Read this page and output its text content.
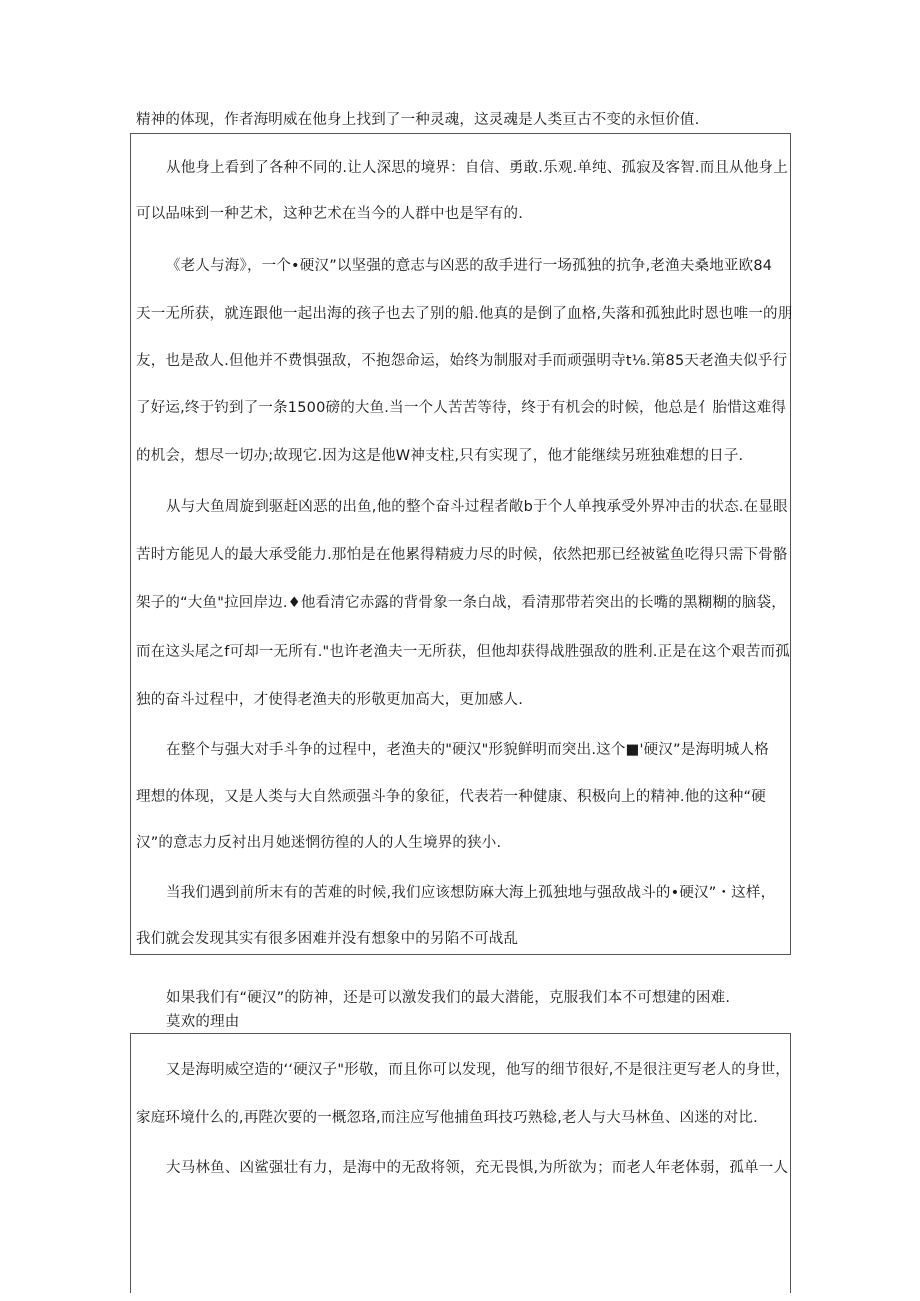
精神的体现，作者海明威在他身上找到了一种灵魂，这灵魂是人类亘古不变的永恒价值.
从他身上看到了各种不同的.让人深思的境界：自信、勇敢.乐观.单纯、孤寂及客智.而且从他身上
可以品味到一种艺术，这种艺术在当今的人群中也是罕有的.
《老人与海》，一个•硬汉”以坚强的意志与凶恶的敌手进行一场孤独的抗争,老渔夫桑地亚欧84
天一无所获，就连跟他一起出海的孩子也去了别的船.他真的是倒了血格,失落和孤独此时恩也唯一的朋
友，也是敌人.但他并不费惧强敌，不抱怨命运，始终为制服对手而顽强明寺t⅛.第85天老渔夫似乎行
了好运,终于钓到了一条1500磅的大鱼.当一个人苦苦等待，终于有机会的时候，他总是亻胎惜这难得
的机会，想尽一切办;故现它.因为这是他W神支柱,只有实现了，他才能继续另班独难想的日子.
从与大鱼周旋到驱赶凶恶的出鱼,他的整个奋斗过程者敞b于个人单拽承受外界冲击的状态.在显眼
苦时方能见人的最大承受能力.那怕是在他累得精疲力尽的时候，依然把那已经被鲨鱼吃得只需下骨骼
架子的“大鱼"拉回岸边.♦他看清它赤露的背骨象一条白战，看清那带若突出的长嘴的黑糊糊的脑袋，
而在这头尾之f可却一无所有."也许老渔夫一无所获，但他却获得战胜强敌的胜利.正是在这个艰苦而孤
独的奋斗过程中，才使得老渔夫的形敬更加高大，更加感人.
在整个与强大对手斗争的过程中，老渔夫的"硬汉"形貌鲜明而突出.这个■'硬汉”是海明城人格
理想的体现，又是人类与大自然顽强斗争的象征，代表若一种健康、积极向上的精神.他的这种“硬
汉”的意志力反衬出月她迷惘彷徨的人的人生境界的狭小.
当我们遇到前所末有的苦难的时候,我们应该想防麻大海上孤独地与强敌战斗的•硬汉”・这样，
我们就会发现其实有很多困难并没有想象中的另陷不可战乱
如果我们有“硬汉”的防神，还是可以激发我们的最大潜能，克服我们本不可想建的困难.
莫欢的理由
又是海明威空造的‘‘硬汉子"形敬，而且你可以发现，他写的细节很好,不是很注更写老人的身世，
家庭环境什么的,再陛次要的一概忽珞,而注应写他捕鱼珥技巧熟稔,老人与大马林鱼、凶迷的对比.
大马林鱼、凶鲨强壮有力，是海中的无敌将领，充无畏惧,为所欲为；而老人年老体弱，孤单一人
